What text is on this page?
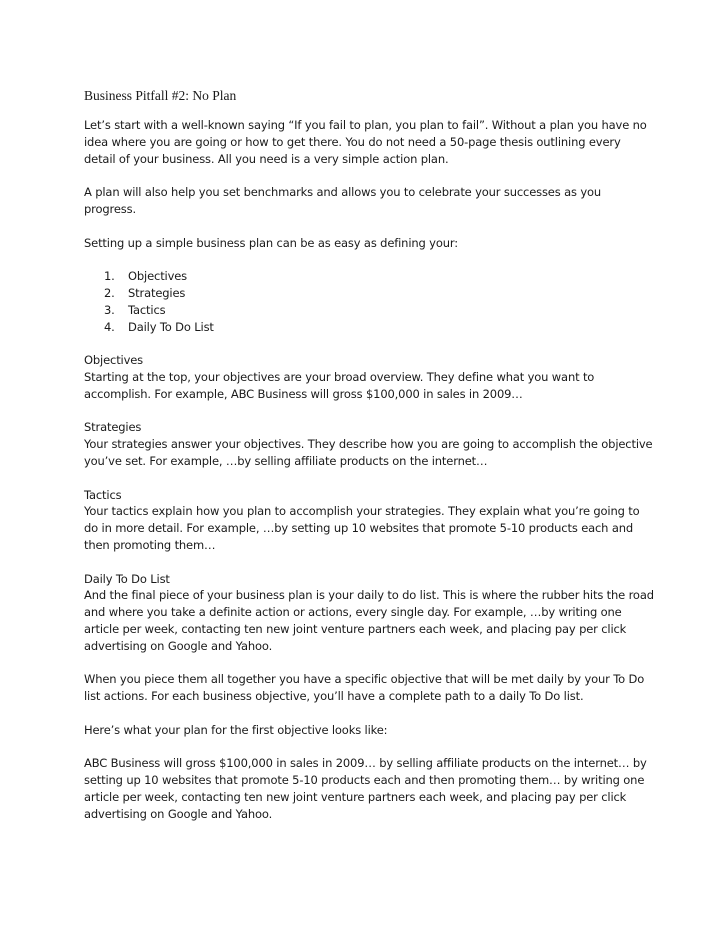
Business Pitfall #2: No Plan

Let’s start with a well-known saying “If you fail to plan, you plan to fail”. Without a plan you have no idea where you are going or how to get there. You do not need a 50-page thesis outlining every detail of your business. All you need is a very simple action plan.

A plan will also help you set benchmarks and allows you to celebrate your successes as you progress.

Setting up a simple business plan can be as easy as defining your:

1.	Objectives
2.	Strategies
3.	Tactics
4.	Daily To Do List
Objectives
Starting at the top, your objectives are your broad overview. They define what you want to accomplish. For example, ABC Business will gross $100,000 in sales in 2009…
Strategies
Your strategies answer your objectives. They describe how you are going to accomplish the objective you’ve set. For example, …by selling affiliate products on the internet…
Tactics
Your tactics explain how you plan to accomplish your strategies. They explain what you’re going to do in more detail. For example, …by setting up 10 websites that promote 5-10 products each and then promoting them…
Daily To Do List
And the final piece of your business plan is your daily to do list. This is where the rubber hits the road and where you take a definite action or actions, every single day. For example, …by writing one article per week, contacting ten new joint venture partners each week, and placing pay per click advertising on Google and Yahoo.

When you piece them all together you have a specific objective that will be met daily by your To Do list actions. For each business objective, you’ll have a complete path to a daily To Do list.

Here’s what your plan for the first objective looks like:

ABC Business will gross $100,000 in sales in 2009… by selling affiliate products on the internet… by setting up 10 websites that promote 5-10 products each and then promoting them… by writing one article per week, contacting ten new joint venture partners each week, and placing pay per click advertising on Google and Yahoo.
